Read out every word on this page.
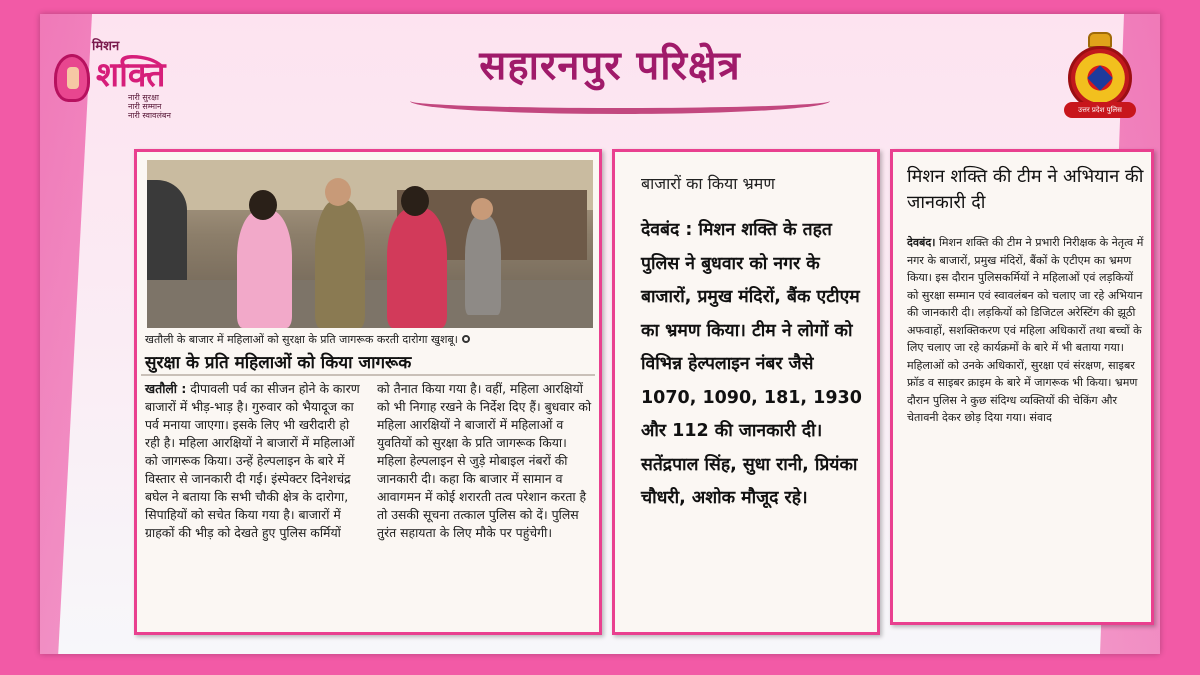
मिशन
शक्ति
नारी सुरक्षा
नारी सम्मान
नारी स्वावलंबन
सहारनपुर परिक्षेत्र
उत्तर प्रदेश पुलिस
खतौली के बाजार में महिलाओं को सुरक्षा के प्रति जागरूक करती दारोगा खुशबू।
सुरक्षा के प्रति महिलाओं को किया जागरूक
खतौली : दीपावली पर्व का सीजन होने के कारण बाजारों में भीड़-भाड़ है। गुरुवार को भैयादूज का पर्व मनाया जाएगा। इसके लिए भी खरीदारी हो रही है। महिला आरक्षियों ने बाजारों में महिलाओं को जागरूक किया। उन्हें हेल्पलाइन के बारे में विस्तार से जानकारी दी गई। इंस्पेक्टर दिनेशचंद्र बघेल ने बताया कि सभी चौकी क्षेत्र के दारोगा, सिपाहियों को सचेत किया गया है। बाजारों में ग्राहकों की भीड़ को देखते हुए पुलिस कर्मियों
को तैनात किया गया है। वहीं, महिला आरक्षियों को भी निगाह रखने के निर्देश दिए हैं। बुधवार को महिला आरक्षियों ने बाजारों में महिलाओं व युवतियों को सुरक्षा के प्रति जागरूक किया। महिला हेल्पलाइन से जुड़े मोबाइल नंबरों की जानकारी दी। कहा कि बाजार में सामान व आवागमन में कोई शरारती तत्व परेशान करता है तो उसकी सूचना तत्काल पुलिस को दें। पुलिस तुरंत सहायता के लिए मौके पर पहुंचेगी।
बाजारों का किया भ्रमण
देवबंद : मिशन शक्ति के तहत पुलिस ने बुधवार को नगर के बाजारों, प्रमुख मंदिरों, बैंक एटीएम का भ्रमण किया। टीम ने लोगों को विभिन्न हेल्पलाइन नंबर जैसे 1070, 1090, 181, 1930 और 112 की जानकारी दी। सतेंद्रपाल सिंह, सुधा रानी, प्रियंका चौधरी, अशोक मौजूद रहे।
मिशन शक्ति की टीम ने अभियान की जानकारी दी
देवबंद। मिशन शक्ति की टीम ने प्रभारी निरीक्षक के नेतृत्व में नगर के बाजारों, प्रमुख मंदिरों, बैंकों के एटीएम का भ्रमण किया। इस दौरान पुलिसकर्मियों ने महिलाओं एवं लड़कियों को सुरक्षा सम्मान एवं स्वावलंबन को चलाए जा रहे अभियान की जानकारी दी। लड़कियों को डिजिटल अरेस्टिंग की झूठी अफवाहों, सशक्तिकरण एवं महिला अधिकारों तथा बच्चों के लिए चलाए जा रहे कार्यक्रमों के बारे में भी बताया गया। महिलाओं को उनके अधिकारों, सुरक्षा एवं संरक्षण, साइबर फ्रॉड व साइबर क्राइम के बारे में जागरूक भी किया। भ्रमण दौरान पुलिस ने कुछ संदिग्ध व्यक्तियों की चेकिंग और चेतावनी देकर छोड़ दिया गया। संवाद
